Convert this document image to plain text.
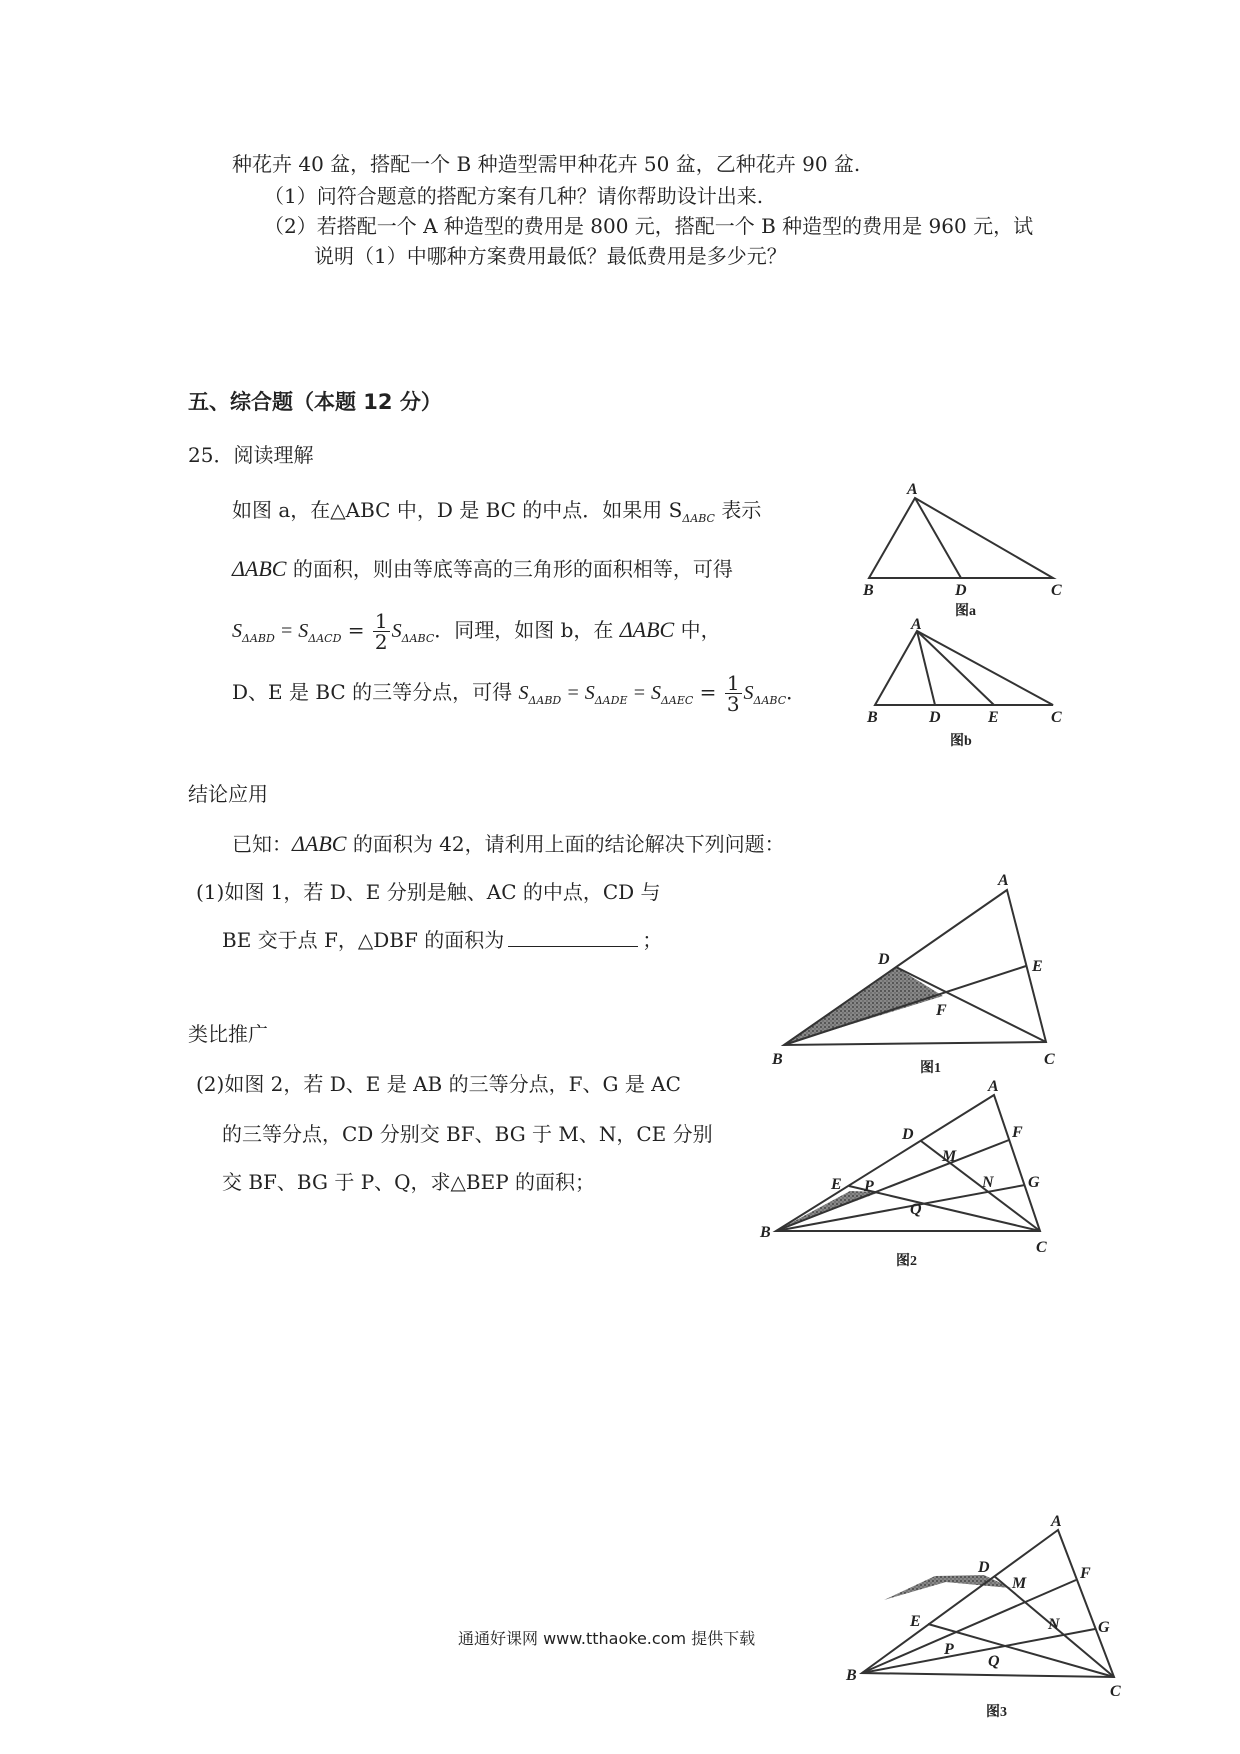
种花卉 40 盆，搭配一个 B 种造型需甲种花卉 50 盆，乙种花卉 90 盆.
（1）问符合题意的搭配方案有几种？请你帮助设计出来.
（2）若搭配一个 A 种造型的费用是 800 元，搭配一个 B 种造型的费用是 960 元，试
说明（1）中哪种方案费用最低？最低费用是多少元？
五、综合题（本题 12 分）
25．阅读理解
如图 a，在△ABC 中，D 是 BC 的中点．如果用 $S_{\Delta ABC}$ 表示
ΔABC 的面积，则由等底等高的三角形的面积相等，可得
$S_{\Delta ABD} = S_{\Delta ACD} = \frac{1}{2} S_{\Delta ABC}$．同理，如图 b，在 ΔABC 中，
D、E 是 BC 的三等分点，可得 $S_{\Delta ABD} = S_{\Delta ADE} = S_{\Delta AEC} = \frac{1}{3} S_{\Delta ABC}$．
结论应用
已知：ΔABC 的面积为 42，请利用上面的结论解决下列问题：
(1)如图 1，若 D、E 分别是触、AC 的中点，CD 与
BE 交于点 F，△DBF 的面积为	；
类比推广
(2)如图 2，若 D、E 是 AB 的三等分点，F、G 是 AC
的三等分点，CD 分别交 BF、BG 于 M、N，CE 分别
交 BF、BG 于 P、Q，求△BEP 的面积；
A
B	D	C
图a
A
B	D	E	C
图b
A
B	C
D	E
F
图1
A
B
C
D
E
F
G
M
N
P
Q
图2
A
B
C
D
E
F
G
M
N
P
Q
图3
通通好课网 www.tthaoke.com 提供下载
